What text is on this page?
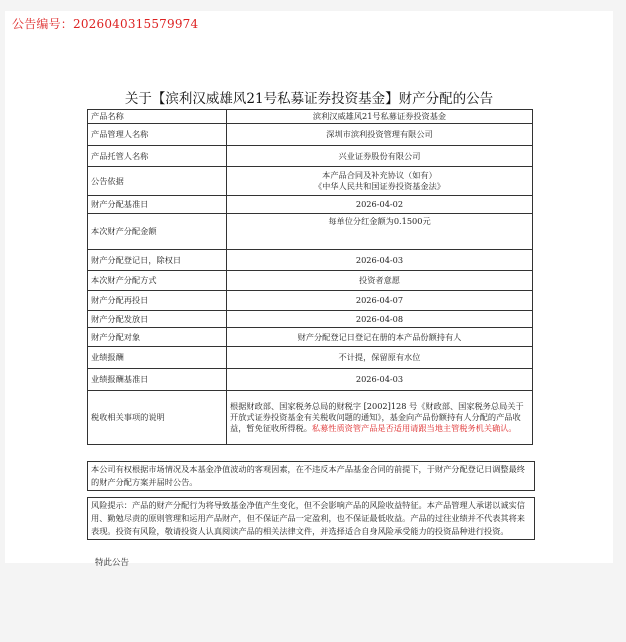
公告编号：2026040315579974
关于【滨利汉威雄风21号私募证券投资基金】财产分配的公告
产品名称	滨利汉威雄风21号私募证券投资基金
产品管理人名称	深圳市滨利投资管理有限公司
产品托管人名称	兴业证券股份有限公司
公告依据	本产品合同及补充协议（如有）
《中华人民共和国证券投资基金法》

财产分配基准日	2026-04-02
本次财产分配金额	每单位分红金额为0.1500元
财产分配登记日，除权日	2026-04-03
本次财产分配方式	投资者意愿
财产分配再投日	2026-04-07
财产分配发放日	2026-04-08
财产分配对象	财产分配登记日登记在册的本产品份额持有人
业绩报酬	不计提，保留原有水位
业绩报酬基准日	2026-04-03
税收相关事项的说明	根据财政部、国家税务总局的财税字 [2002]128 号《财政部、国家税务总局关于开放式证券投资基金有关税收问题的通知》，基金向产品份额持有人分配的产品收益，暂免征收所得税。私募性质资管产品是否适用请跟当地主管税务机关确认。
本公司有权根据市场情况及本基金净值波动的客观因素，在不违反本产品基金合同的前提下，于财产分配登记日调整最终的财产分配方案并届时公告。
风险提示：产品的财产分配行为将导致基金净值产生变化，但不会影响产品的风险收益特征。本产品管理人承诺以诚实信用、勤勉尽责的原则管理和运用产品财产，但不保证产品一定盈利，也不保证最低收益。产品的过往业绩并不代表其将来表现。投资有风险，敬请投资人认真阅读产品的相关法律文件，并选择适合自身风险承受能力的投资品种进行投资。
特此公告
